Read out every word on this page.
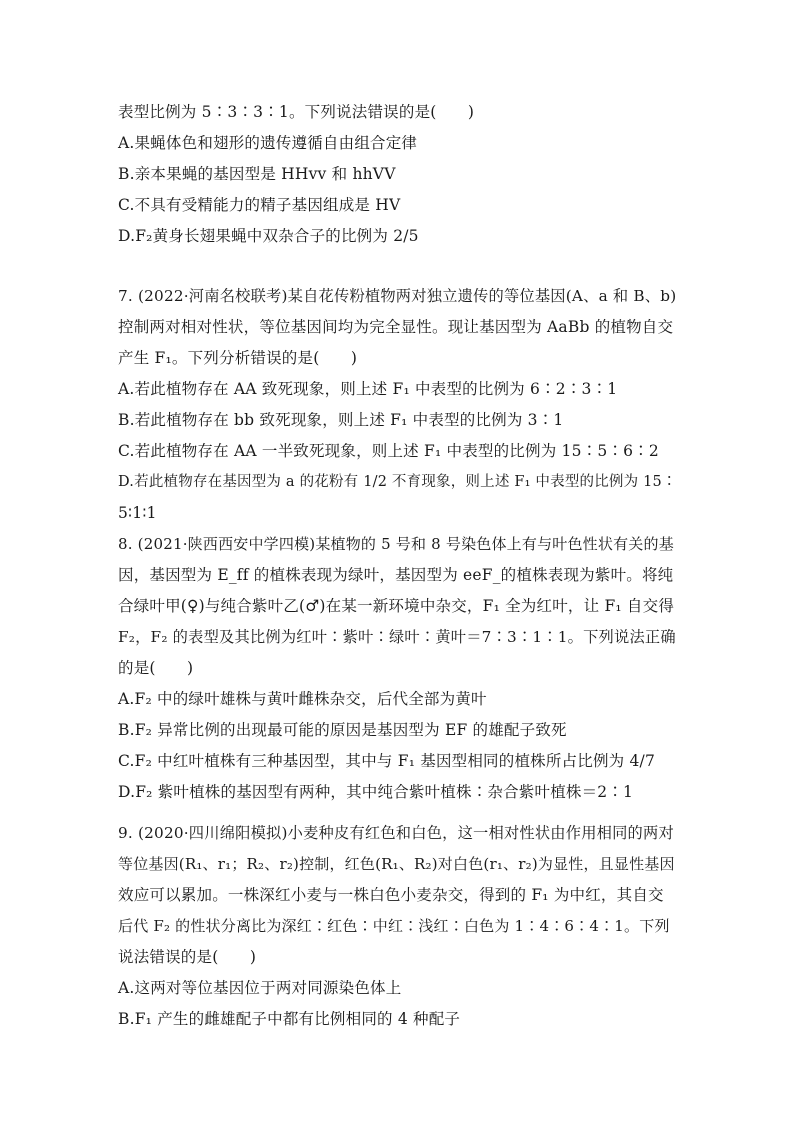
表型比例为 5∶3∶3∶1。下列说法错误的是(　　)
A.果蝇体色和翅形的遗传遵循自由组合定律
B.亲本果蝇的基因型是 HHvv 和 hhVV
C.不具有受精能力的精子基因组成是 HV
D.F₂黄身长翅果蝇中双杂合子的比例为 2/5
7. (2022·河南名校联考)某自花传粉植物两对独立遗传的等位基因(A、a 和 B、b)
控制两对相对性状，等位基因间均为完全显性。现让基因型为 AaBb 的植物自交
产生 F₁。下列分析错误的是(　　)
A.若此植物存在 AA 致死现象，则上述 F₁ 中表型的比例为 6∶2∶3∶1
B.若此植物存在 bb 致死现象，则上述 F₁ 中表型的比例为 3∶1
C.若此植物存在 AA 一半致死现象，则上述 F₁ 中表型的比例为 15∶5∶6∶2
D.若此植物存在基因型为 a 的花粉有 1/2 不育现象，则上述 F₁ 中表型的比例为 15∶
5∶1∶1
8. (2021·陕西西安中学四模)某植物的 5 号和 8 号染色体上有与叶色性状有关的基
因，基因型为 E_ff 的植株表现为绿叶，基因型为 eeF_的植株表现为紫叶。将纯
合绿叶甲(♀)与纯合紫叶乙(♂)在某一新环境中杂交，F₁ 全为红叶，让 F₁ 自交得
F₂，F₂ 的表型及其比例为红叶∶紫叶∶绿叶∶黄叶＝7∶3∶1∶1。下列说法正确
的是(　　)
A.F₂ 中的绿叶雄株与黄叶雌株杂交，后代全部为黄叶
B.F₂ 异常比例的出现最可能的原因是基因型为 EF 的雄配子致死
C.F₂ 中红叶植株有三种基因型，其中与 F₁ 基因型相同的植株所占比例为 4/7
D.F₂ 紫叶植株的基因型有两种，其中纯合紫叶植株∶杂合紫叶植株＝2∶1
9. (2020·四川绵阳模拟)小麦种皮有红色和白色，这一相对性状由作用相同的两对
等位基因(R₁、r₁；R₂、r₂)控制，红色(R₁、R₂)对白色(r₁、r₂)为显性，且显性基因
效应可以累加。一株深红小麦与一株白色小麦杂交，得到的 F₁ 为中红，其自交
后代 F₂ 的性状分离比为深红∶红色∶中红∶浅红∶白色为 1∶4∶6∶4∶1。下列
说法错误的是(　　)
A.这两对等位基因位于两对同源染色体上
B.F₁ 产生的雌雄配子中都有比例相同的 4 种配子
